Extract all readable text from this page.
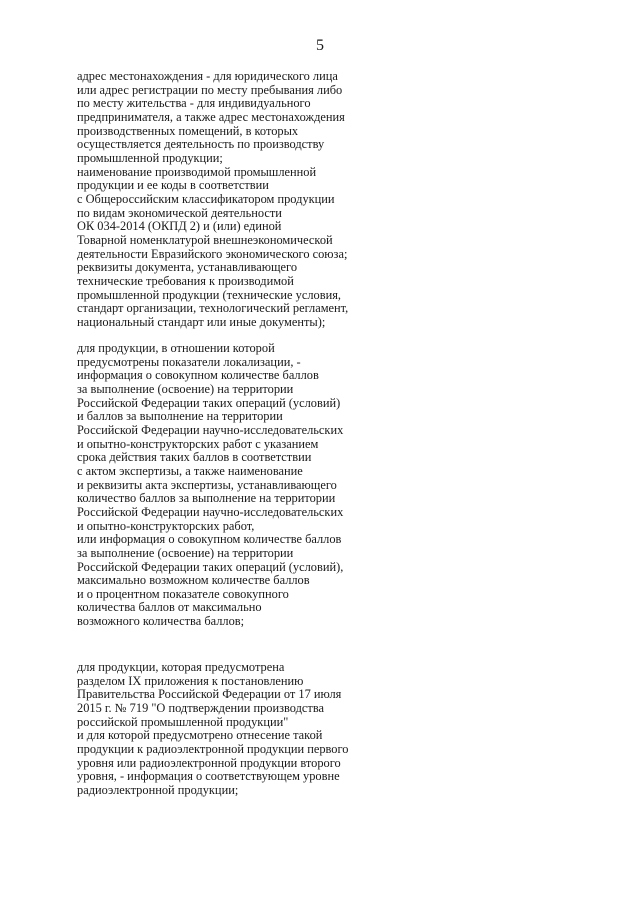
5
адрес местонахождения - для юридического лица
или адрес регистрации по месту пребывания либо
по месту жительства - для индивидуального
предпринимателя, а также адрес местонахождения
производственных помещений, в которых
осуществляется деятельность по производству
промышленной продукции;
наименование производимой промышленной
продукции и ее коды в соответствии
с Общероссийским классификатором продукции
по видам экономической деятельности
ОК 034-2014 (ОКПД 2) и (или) единой
Товарной номенклатурой внешнеэкономической
деятельности Евразийского экономического союза;
реквизиты документа, устанавливающего
технические требования к производимой
промышленной продукции (технические условия,
стандарт организации, технологический регламент,
национальный стандарт или иные документы);
для продукции, в отношении которой
предусмотрены показатели локализации, -
информация о совокупном количестве баллов
за выполнение (освоение) на территории
Российской Федерации таких операций (условий)
и баллов за выполнение на территории
Российской Федерации научно-исследовательских
и опытно-конструкторских работ с указанием
срока действия таких баллов в соответствии
с актом экспертизы, а также наименование
и реквизиты акта экспертизы, устанавливающего
количество баллов за выполнение на территории
Российской Федерации научно-исследовательских
и опытно-конструкторских работ,
или информация о совокупном количестве баллов
за выполнение (освоение) на территории
Российской Федерации таких операций (условий),
максимально возможном количестве баллов
и о процентном показателе совокупного
количества баллов от максимально
возможного количества баллов;
для продукции, которая предусмотрена
разделом IX приложения к постановлению
Правительства Российской Федерации от 17 июля
2015 г. № 719 "О подтверждении производства
российской промышленной продукции"
и для которой предусмотрено отнесение такой
продукции к радиоэлектронной продукции первого
уровня или радиоэлектронной продукции второго
уровня, - информация о соответствующем уровне
радиоэлектронной продукции;
